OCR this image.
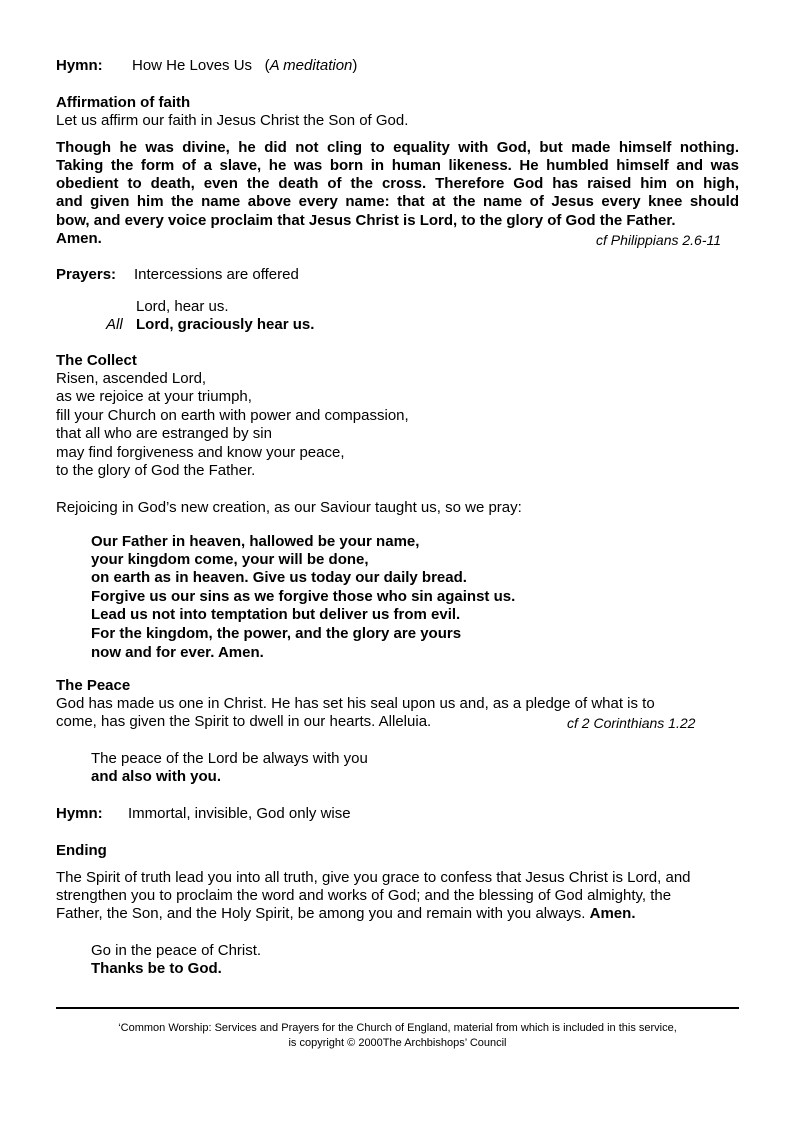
Hymn: How He Loves Us (A meditation)
Affirmation of faith
Let us affirm our faith in Jesus Christ the Son of God.
Though he was divine, he did not cling to equality with God, but made himself nothing.
Taking the form of a slave, he was born in human likeness. He humbled himself and was
obedient to death, even the death of the cross. Therefore God has raised him on high,
and given him the name above every name: that at the name of Jesus every knee should
bow, and every voice proclaim that Jesus Christ is Lord, to the glory of God the Father.
Amen.	cf Philippians 2.6-11
Prayers: Intercessions are offered
Lord, hear us.
All Lord, graciously hear us.
The Collect
Risen, ascended Lord,
as we rejoice at your triumph,
fill your Church on earth with power and compassion,
that all who are estranged by sin
may find forgiveness and know your peace,
to the glory of God the Father.
Rejoicing in God’s new creation, as our Saviour taught us, so we pray:
Our Father in heaven, hallowed be your name,
your kingdom come, your will be done,
on earth as in heaven. Give us today our daily bread.
Forgive us our sins as we forgive those who sin against us.
Lead us not into temptation but deliver us from evil.
For the kingdom, the power, and the glory are yours
now and for ever. Amen.
The Peace
God has made us one in Christ. He has set his seal upon us and, as a pledge of what is to
come, has given the Spirit to dwell in our hearts. Alleluia.	cf 2 Corinthians 1.22
The peace of the Lord be always with you
and also with you.
Hymn: Immortal, invisible, God only wise
Ending
The Spirit of truth lead you into all truth, give you grace to confess that Jesus Christ is Lord, and
strengthen you to proclaim the word and works of God; and the blessing of God almighty, the
Father, the Son, and the Holy Spirit, be among you and remain with you always. Amen.
Go in the peace of Christ.
Thanks be to God.
‘Common Worship: Services and Prayers for the Church of England, material from which is included in this service,
is copyright © 2000The Archbishops’ Council
